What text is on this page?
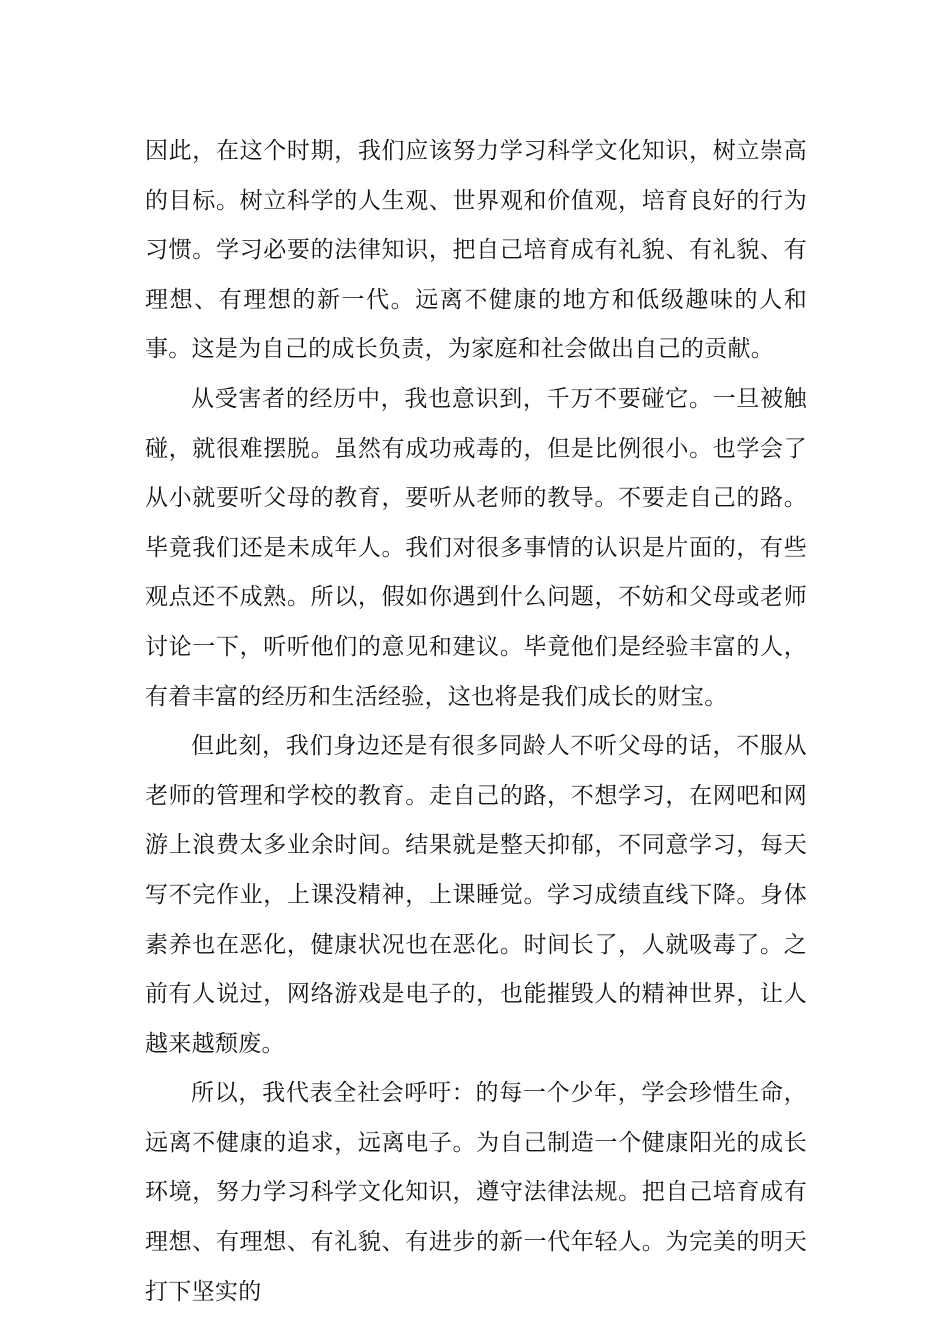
因此，在这个时期，我们应该努力学习科学文化知识，树立崇高的目标。树立科学的人生观、世界观和价值观，培育良好的行为习惯。学习必要的法律知识，把自己培育成有礼貌、有礼貌、有理想、有理想的新一代。远离不健康的地方和低级趣味的人和事。这是为自己的成长负责，为家庭和社会做出自己的贡献。

从受害者的经历中，我也意识到，千万不要碰它。一旦被触碰，就很难摆脱。虽然有成功戒毒的，但是比例很小。也学会了从小就要听父母的教育，要听从老师的教导。不要走自己的路。毕竟我们还是未成年人。我们对很多事情的认识是片面的，有些观点还不成熟。所以，假如你遇到什么问题，不妨和父母或老师讨论一下，听听他们的意见和建议。毕竟他们是经验丰富的人，有着丰富的经历和生活经验，这也将是我们成长的财宝。

但此刻，我们身边还是有很多同龄人不听父母的话，不服从老师的管理和学校的教育。走自己的路，不想学习，在网吧和网游上浪费太多业余时间。结果就是整天抑郁，不同意学习，每天写不完作业，上课没精神，上课睡觉。学习成绩直线下降。身体素养也在恶化，健康状况也在恶化。时间长了，人就吸毒了。之前有人说过，网络游戏是电子的，也能摧毁人的精神世界，让人越来越颓废。

所以，我代表全社会呼吁：的每一个少年，学会珍惜生命，远离不健康的追求，远离电子。为自己制造一个健康阳光的成长环境，努力学习科学文化知识，遵守法律法规。把自己培育成有理想、有理想、有礼貌、有进步的新一代年轻人。为完美的明天打下坚实的
